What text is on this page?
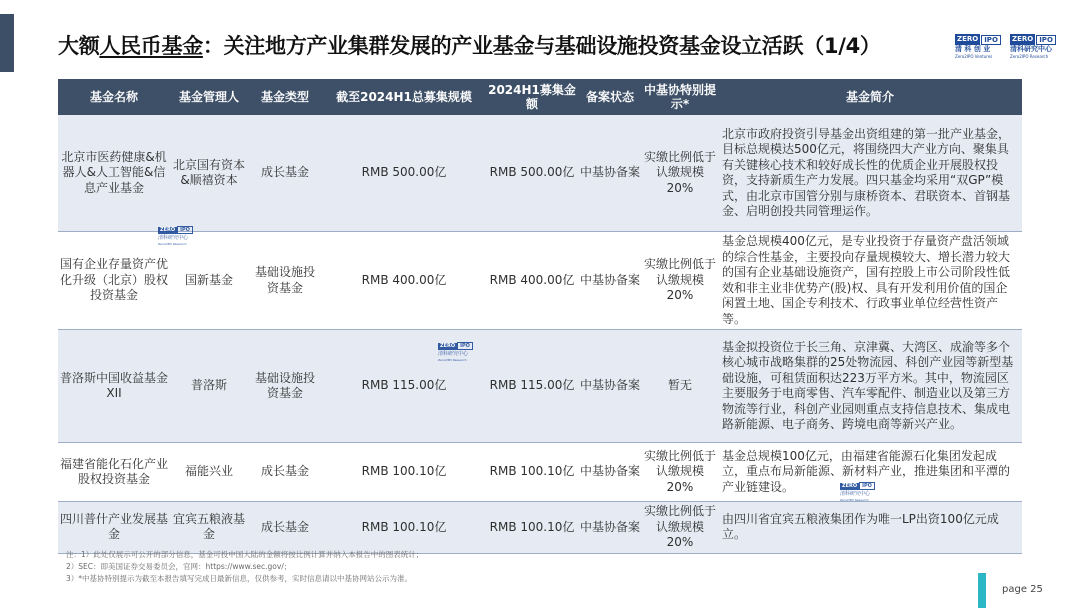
大额人民币基金：关注地方产业集群发展的产业基金与基础设施投资基金设立活跃（1/4）	ZERO IPO
清 科 创 业
Zero2IPO Ventures
ZERO IPO
清科研究中心
Zero2IPO Research
基金名称	基金管理人	基金类型	截至2024H1总募集规模	2024H1募集金额	备案状态	中基协特别提示*	基金简介
北京市医药健康&机器人&人工智能&信息产业基金	北京国有资本&顺禧资本	成长基金	RMB 500.00亿	RMB 500.00亿	中基协备案	实缴比例低于认缴规模20%	北京市政府投资引导基金出资组建的第一批产业基金，目标总规模达500亿元，将围绕四大产业方向、聚集具有关键核心技术和较好成长性的优质企业开展股权投资，支持新质生产力发展。四只基金均采用“双GP”模式，由北京市国管分别与康桥资本、君联资本、首钢基金、启明创投共同管理运作。
国有企业存量资产优化升级（北京）股权投资基金	国新基金	基础设施投资基金	RMB 400.00亿	RMB 400.00亿	中基协备案	实缴比例低于认缴规模20%	基金总规模400亿元，是专业投资于存量资产盘活领域的综合性基金，主要投向存量规模较大、增长潜力较大的国有企业基础设施资产，国有控股上市公司阶段性低效和非主业非优势产(股)权、具有开发利用价值的国企闲置土地、国企专利技术、行政事业单位经营性资产等。
普洛斯中国收益基金XII	普洛斯	基础设施投资基金	RMB 115.00亿	RMB 115.00亿	中基协备案	暂无	基金拟投资位于长三角、京津冀、大湾区、成渝等多个核心城市战略集群的25处物流园、科创产业园等新型基础设施，可租赁面积达223万平方米。其中，物流园区主要服务于电商零售、汽车零配件、制造业以及第三方物流等行业，科创产业园则重点支持信息技术、集成电路新能源、电子商务、跨境电商等新兴产业。
福建省能化石化产业股权投资基金	福能兴业	成长基金	RMB 100.10亿	RMB 100.10亿	中基协备案	实缴比例低于认缴规模20%	基金总规模100亿元，由福建省能源石化集团发起成立，重点布局新能源、新材料产业，推进集团和平潭的产业链建设。
四川普什产业发展基金	宜宾五粮液基金	成长基金	RMB 100.10亿	RMB 100.10亿	中基协备案	实缴比例低于认缴规模20%	由四川省宜宾五粮液集团作为唯一LP出资100亿元成立。
ZERO IPO
清科研究中心
Zero2IPO Research
ZERO IPO
清科研究中心
Zero2IPO Research
ZERO IPO
清科研究中心
Zero2IPO Research
注：1）此处仅展示可公开的部分信息，基金可投中国大陆的金额将按比例计算并纳入本报告中的图表统计；
2）SEC：即美国证券交易委员会，官网：https://www.sec.gov/；
3）*中基协特别提示为截至本报告填写完成日最新信息，仅供参考，实时信息请以中基协网站公示为准。
page 25
